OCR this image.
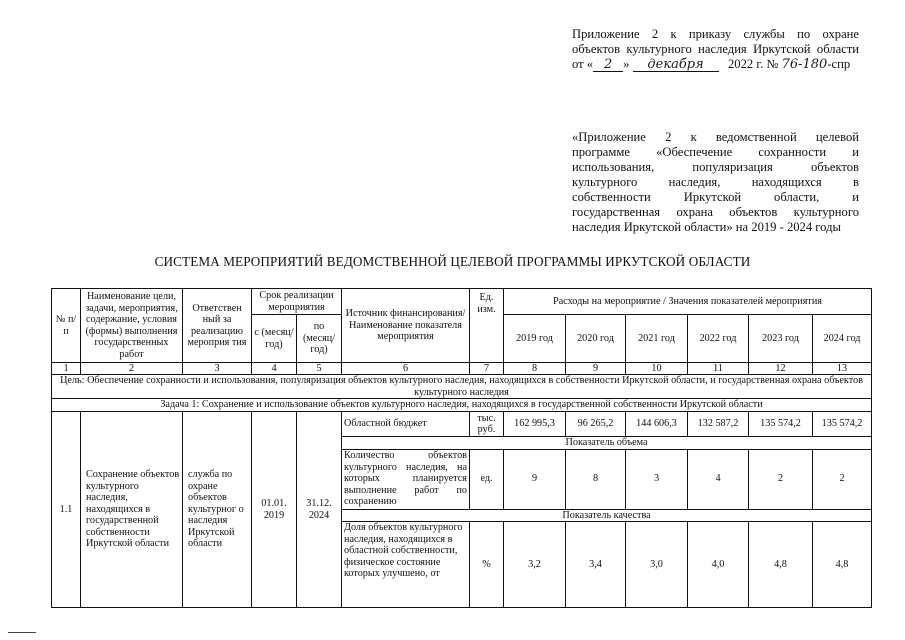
Приложение 2 к приказу службы по охране
объектов культурного наследия Иркутской области
от « 2 » декабря 2022 г. № 76-180-спр
«Приложение 2 к ведомственной целевой
программе «Обеспечение сохранности и
использования, популяризация объектов
культурного наследия, находящихся в
собственности Иркутской области, и
государственная охрана объектов культурного
наследия Иркутской области» на 2019 - 2024 годы
СИСТЕМА МЕРОПРИЯТИЙ ВЕДОМСТВЕННОЙ ЦЕЛЕВОЙ ПРОГРАММЫ ИРКУТСКОЙ ОБЛАСТИ
№ п/п	Наименование цели, задачи, мероприятия, содержание, условия (формы) выполнения государственных работ	Ответствен ный за реализацию мероприя тия	Срок реализации мероприятия		Источник финансирования/ Наименование показателя мероприятия	Ед. изм.	Расходы на мероприятие / Значения показателей мероприятия					
			с (месяц/ год)	по (месяц/ год)			2019 год	2020 год	2021 год	2022 год	2023 год	2024 год
1	2	3	4	5	6	7	8	9	10	11	12	13
Цель: Обеспечение сохранности и использования, популяризация объектов культурного наследия, находящихся в собственности Иркутской области, и государственная охрана объектов культурного наследия												
Задача 1: Сохранение и использование объектов культурного наследия, находящихся в государственной собственности Иркутской области												
1.1	Сохранение объектов культурного наследия, находящихся в государственной собственности Иркутской области	служба по охране объектов культурног о наследия Иркутской области	01.01. 2019	31.12. 2024	Областной бюджет	тыс. руб.	162 995,3	96 265,2	144 606,3	132 587,2	135 574,2	135 574,2
					Показатель объема							
					Количество объектов культурного наследия, на которых планируется выполнение работ по сохранению	ед.	9	8	3	4	2	2
					Показатель качества							
					Доля объектов культурного наследия, находящихся в областной собственности, физическое состояние которых улучшено, от	%	3,2	3,4	3,0	4,0	4,8	4,8
